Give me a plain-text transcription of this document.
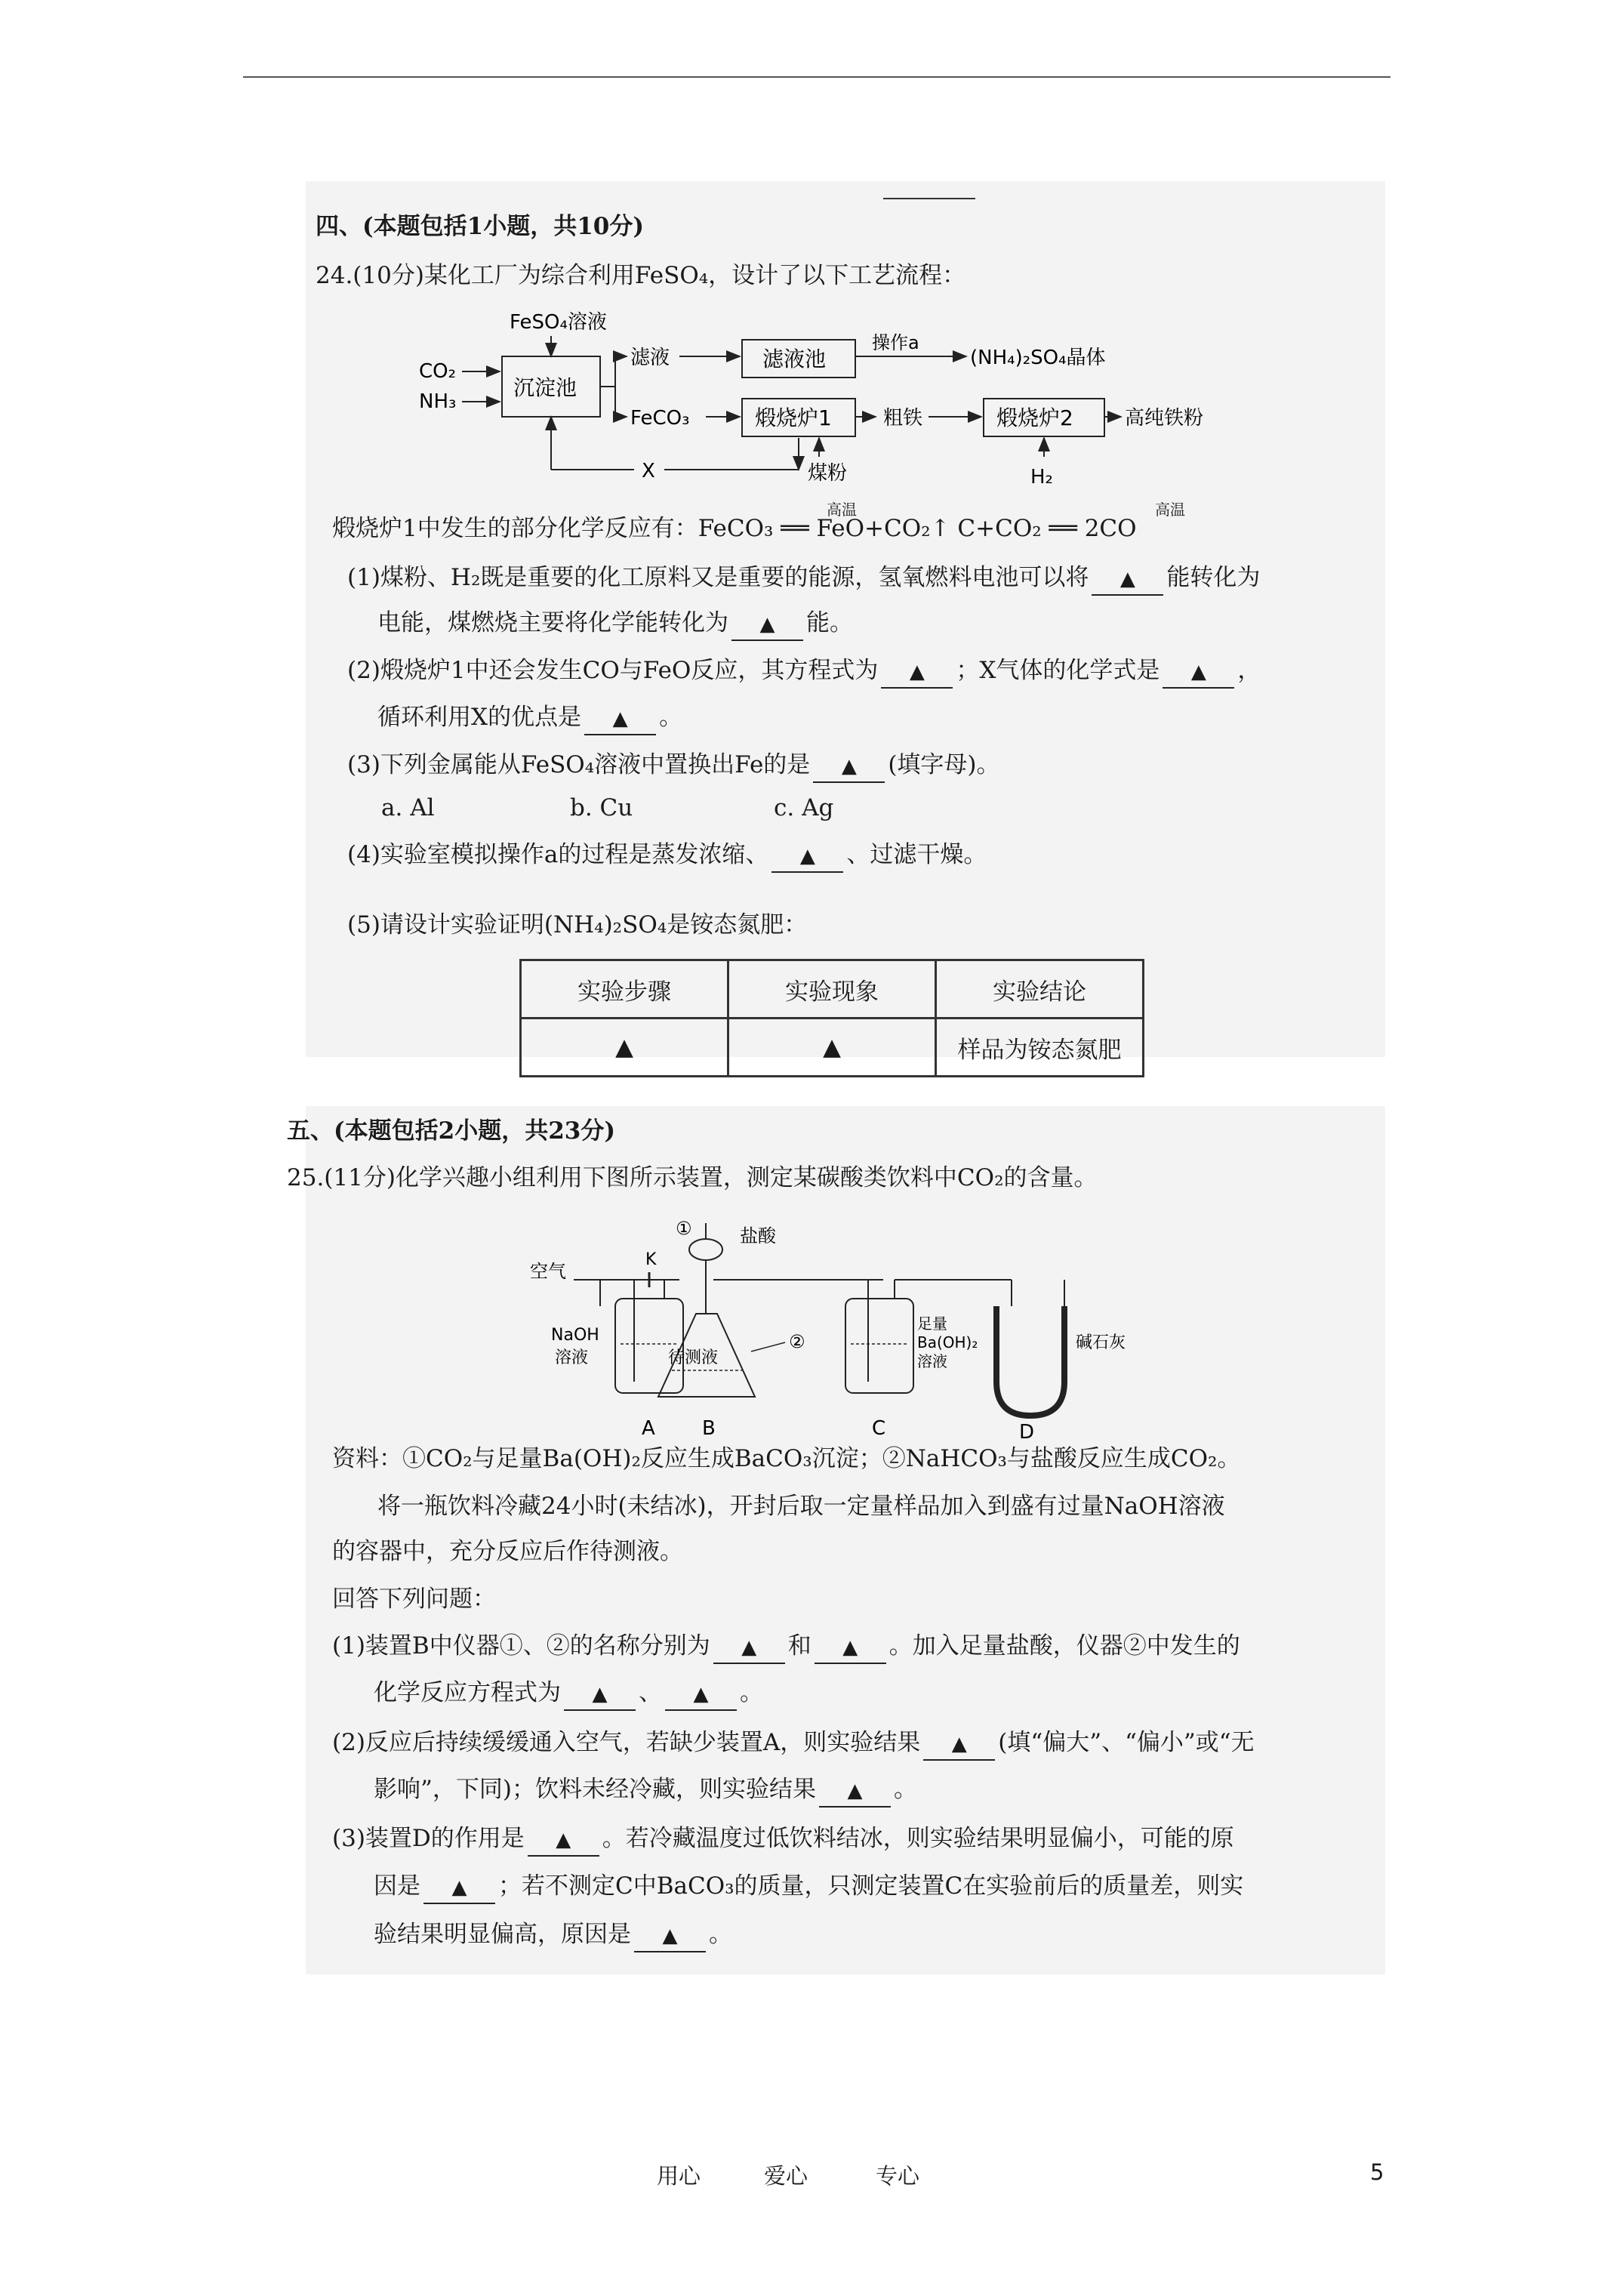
四、(本题包括1小题，共10分)
24.(10分)某化工厂为综合利用FeSO₄，设计了以下工艺流程：
FeSO₄溶液
CO₂
NH₃
沉淀池
滤液	滤液池
操作a
(NH₄)₂SO₄晶体
FeCO₃	煅烧炉1	粗铁	煅烧炉2	高纯铁粉
X	煤粉	H₂
煅烧炉1中发生的部分化学反应有：FeCO₃ ══ FeO+CO₂↑ C+CO₂ ══ 2CO
高温	高温
(1)煤粉、H₂既是重要的化工原料又是重要的能源，氢氧燃料电池可以将 ▲ 能转化为
电能，煤燃烧主要将化学能转化为 ▲ 能。
(2)煅烧炉1中还会发生CO与FeO反应，其方程式为 ▲ ；X气体的化学式是 ▲ ，
循环利用X的优点是 ▲ 。
(3)下列金属能从FeSO₄溶液中置换出Fe的是 ▲ (填字母)。
a. Al	b. Cu	c. Ag
(4)实验室模拟操作a的过程是蒸发浓缩、 ▲ 、过滤干燥。
(5)请设计实验证明(NH₄)₂SO₄是铵态氮肥：
实验步骤	实验现象	实验结论
▲	▲	样品为铵态氮肥
五、(本题包括2小题，共23分)
25.(11分)化学兴趣小组利用下图所示装置，测定某碳酸类饮料中CO₂的含量。
①	盐酸
空气
K
NaOH
溶液	待测液
②
足量
Ba(OH)₂
溶液
碱石灰
A B	C	D
资料：①CO₂与足量Ba(OH)₂反应生成BaCO₃沉淀；②NaHCO₃与盐酸反应生成CO₂。
将一瓶饮料冷藏24小时(未结冰)，开封后取一定量样品加入到盛有过量NaOH溶液
的容器中，充分反应后作待测液。
回答下列问题：
(1)装置B中仪器①、②的名称分别为 ▲ 和 ▲ 。加入足量盐酸，仪器②中发生的
化学反应方程式为 ▲ 、 ▲ 。
(2)反应后持续缓缓通入空气，若缺少装置A，则实验结果 ▲ (填“偏大”、“偏小”或“无
影响”，下同)；饮料未经冷藏，则实验结果 ▲ 。
(3)装置D的作用是 ▲ 。若冷藏温度过低饮料结冰，则实验结果明显偏小，可能的原
因是 ▲ ；若不测定C中BaCO₃的质量，只测定装置C在实验前后的质量差，则实
验结果明显偏高，原因是 ▲ 。
用心	爱心	专心	5
